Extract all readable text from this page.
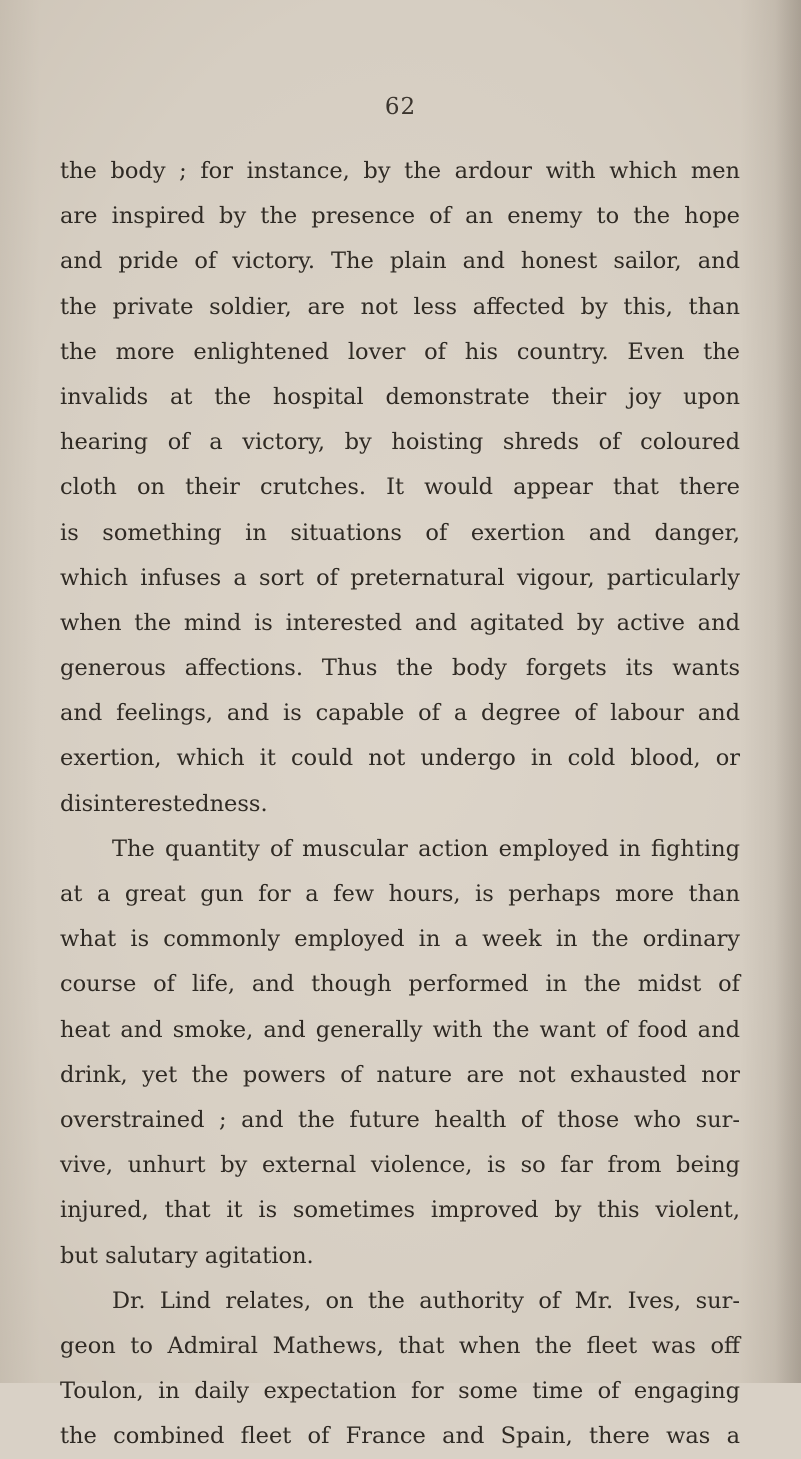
62
the body ; for instance, by the ardour with which men
are inspired by the presence of an enemy to the hope
and pride of victory. The plain and honest sailor, and
the private soldier, are not less affected by this, than
the more enlightened lover of his country. Even the
invalids at the hospital demonstrate their joy upon
hearing of a victory, by hoisting shreds of coloured
cloth on their crutches. It would appear that there
is something in situations of exertion and danger,
which infuses a sort of preternatural vigour, particularly
when the mind is interested and agitated by active and
generous affections. Thus the body forgets its wants
and feelings, and is capable of a degree of labour and
exertion, which it could not undergo in cold blood, or
disinterestedness.
The quantity of muscular action employed in fighting
at a great gun for a few hours, is perhaps more than
what is commonly employed in a week in the ordinary
course of life, and though performed in the midst of
heat and smoke, and generally with the want of food and
drink, yet the powers of nature are not exhausted nor
overstrained ; and the future health of those who sur-
vive, unhurt by external violence, is so far from being
injured, that it is sometimes improved by this violent,
but salutary agitation.
Dr. Lind relates, on the authority of Mr. Ives, sur-
geon to Admiral Mathews, that when the fleet was off
Toulon, in daily expectation for some time of engaging
the combined fleet of France and Spain, there was a
